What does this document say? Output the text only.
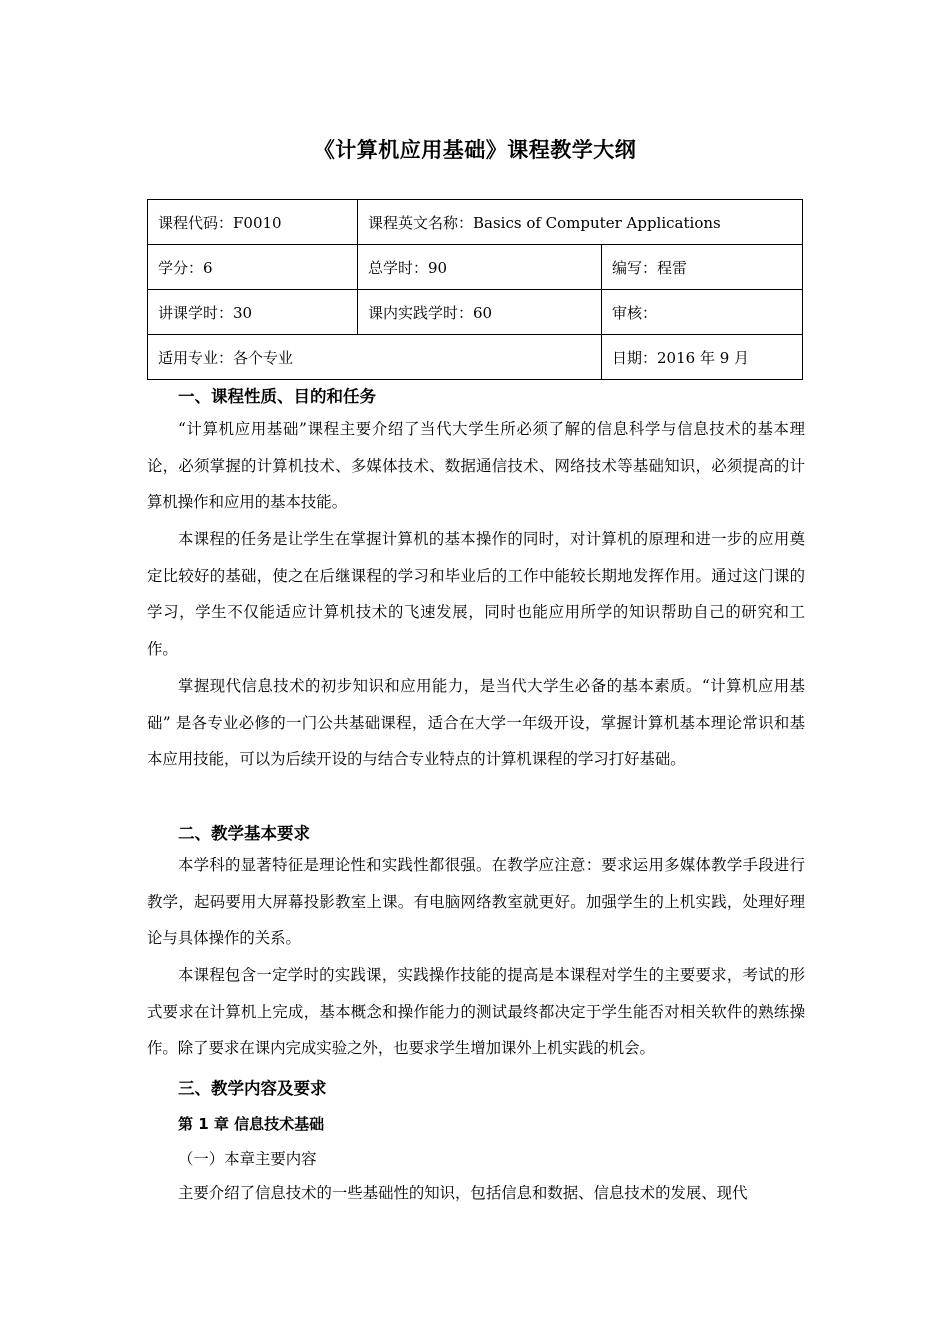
《计算机应用基础》课程教学大纲
课程代码：F0010	课程英文名称：Basics of Computer Applications	
学分：6	总学时：90	编写：程雷
讲课学时：30	课内实践学时：60	审核：
适用专业：各个专业		日期：2016 年 9 月
一、课程性质、目的和任务

“计算机应用基础”课程主要介绍了当代大学生所必须了解的信息科学与信息技术的基本理论，必须掌握的计算机技术、多媒体技术、数据通信技术、网络技术等基础知识，必须提高的计算机操作和应用的基本技能。

本课程的任务是让学生在掌握计算机的基本操作的同时，对计算机的原理和进一步的应用奠定比较好的基础，使之在后继课程的学习和毕业后的工作中能较长期地发挥作用。通过这门课的学习，学生不仅能适应计算机技术的飞速发展，同时也能应用所学的知识帮助自己的研究和工作。

掌握现代信息技术的初步知识和应用能力，是当代大学生必备的基本素质。“计算机应用基础” 是各专业必修的一门公共基础课程，适合在大学一年级开设，掌握计算机基本理论常识和基本应用技能，可以为后续开设的与结合专业特点的计算机课程的学习打好基础。

二、教学基本要求

本学科的显著特征是理论性和实践性都很强。在教学应注意：要求运用多媒体教学手段进行教学，起码要用大屏幕投影教室上课。有电脑网络教室就更好。加强学生的上机实践，处理好理论与具体操作的关系。

本课程包含一定学时的实践课，实践操作技能的提高是本课程对学生的主要要求，考试的形式要求在计算机上完成，基本概念和操作能力的测试最终都决定于学生能否对相关软件的熟练操作。除了要求在课内完成实验之外，也要求学生增加课外上机实践的机会。

三、教学内容及要求
第 1 章 信息技术基础
（一）本章主要内容

主要介绍了信息技术的一些基础性的知识，包括信息和数据、信息技术的发展、现代
